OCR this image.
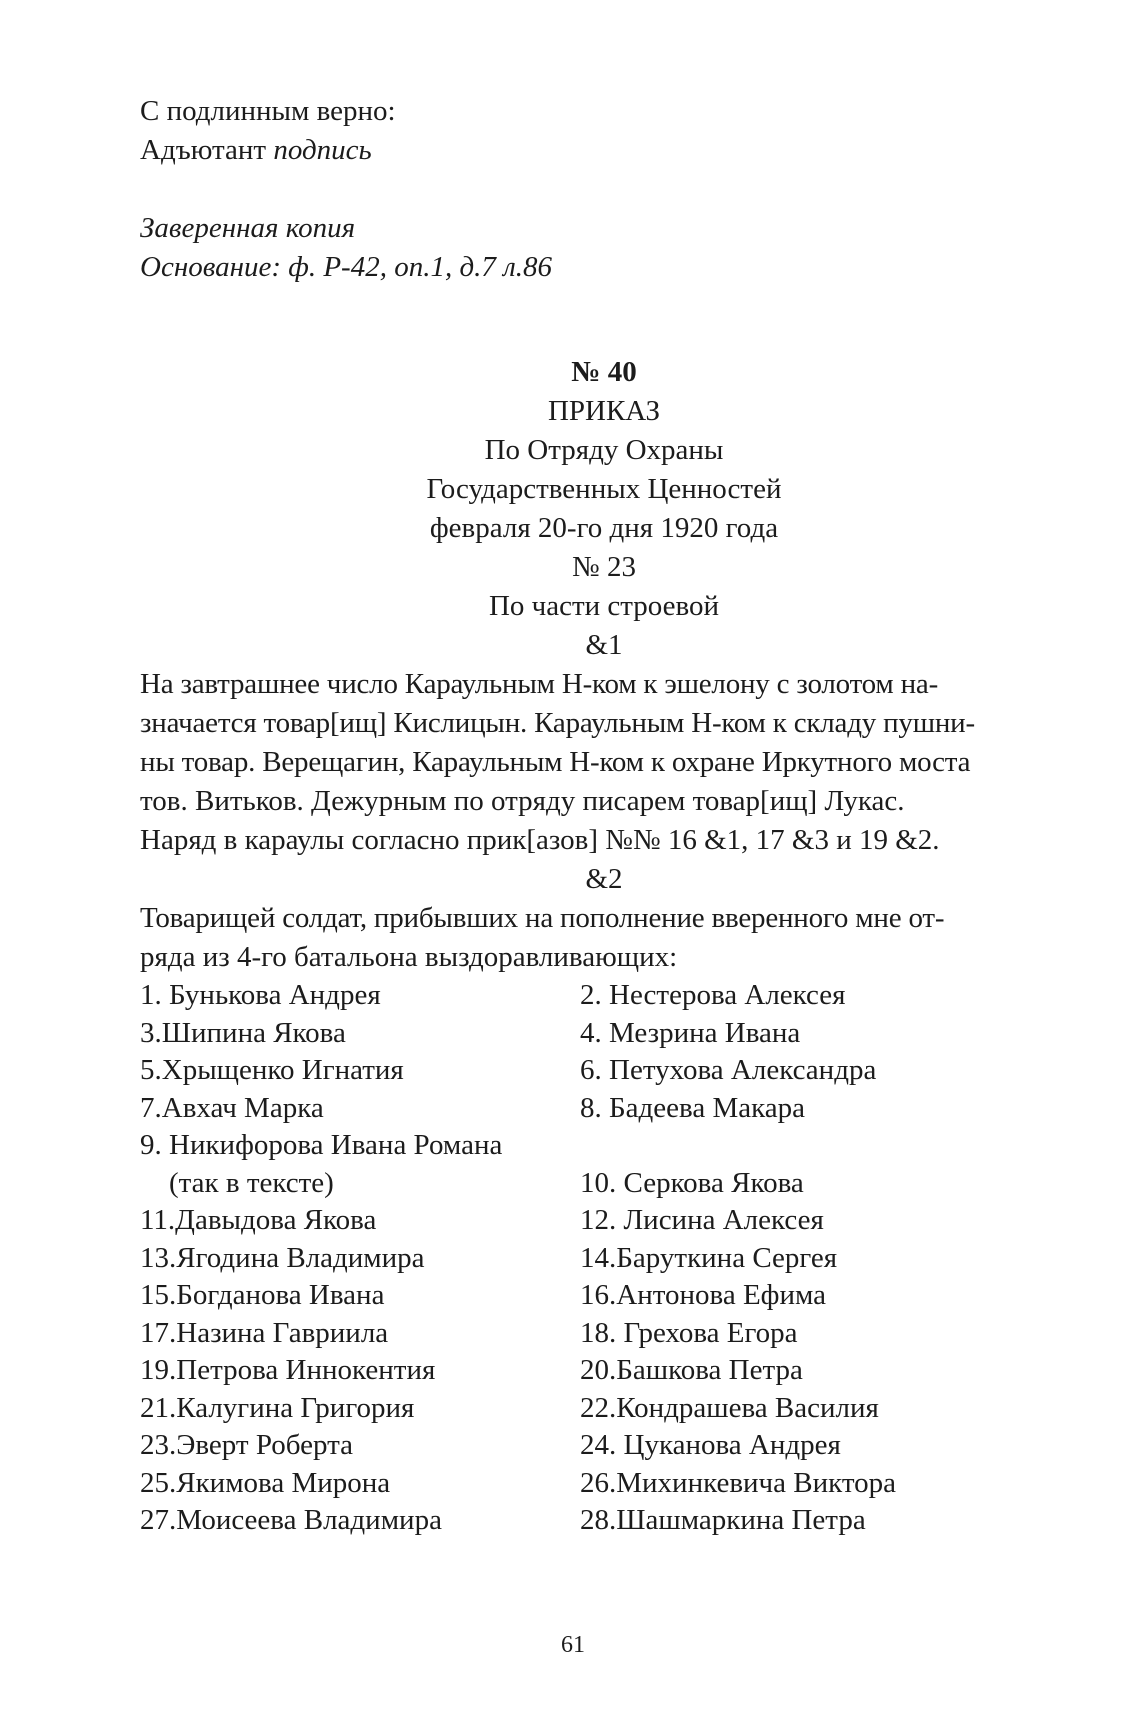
С подлинным верно:

Адъютант подпись

Заверенная копия

Основание: ф. Р-42, оп.1, д.7 л.86

№ 40

ПРИКАЗ

По Отряду Охраны

Государственных Ценностей

февраля 20-го дня 1920 года

№ 23

По части строевой

&1

На завтрашнее число Караульным Н-ком к эшелону с золотом на-

значается товар[ищ] Кислицын. Караульным Н-ком к складу пушни-

ны товар. Верещагин, Караульным Н-ком к охране Иркутного моста

тов. Витьков. Дежурным по отряду писарем товар[ищ] Лукас.

Наряд в караулы согласно прик[азов] №№ 16 &1, 17 &3 и 19 &2.

&2

Товарищей солдат, прибывших на пополнение вверенного мне от-

ряда из 4-го батальона выздоравливающих:

1. Бунькова Андрея	2. Нестерова Алексея
3.Шипина Якова	4. Мезрина Ивана
5.Хрыщенко Игнатия	6. Петухова Александра
7.Авхач Марка	8. Бадеева Макара
9. Никифорова Ивана Романа
(так в тексте)	10. Серкова Якова
11.Давыдова Якова	12. Лисина Алексея
13.Ягодина Владимира	14.Баруткина Сергея
15.Богданова Ивана	16.Антонова Ефима
17.Назина Гавриила	18. Грехова Егора
19.Петрова Иннокентия	20.Башкова Петра
21.Калугина Григория	22.Кондрашева Василия
23.Эверт Роберта	24. Цуканова Андрея
25.Якимова Мирона	26.Михинкевича Виктора
27.Моисеева Владимира	28.Шашмаркина Петра
61
